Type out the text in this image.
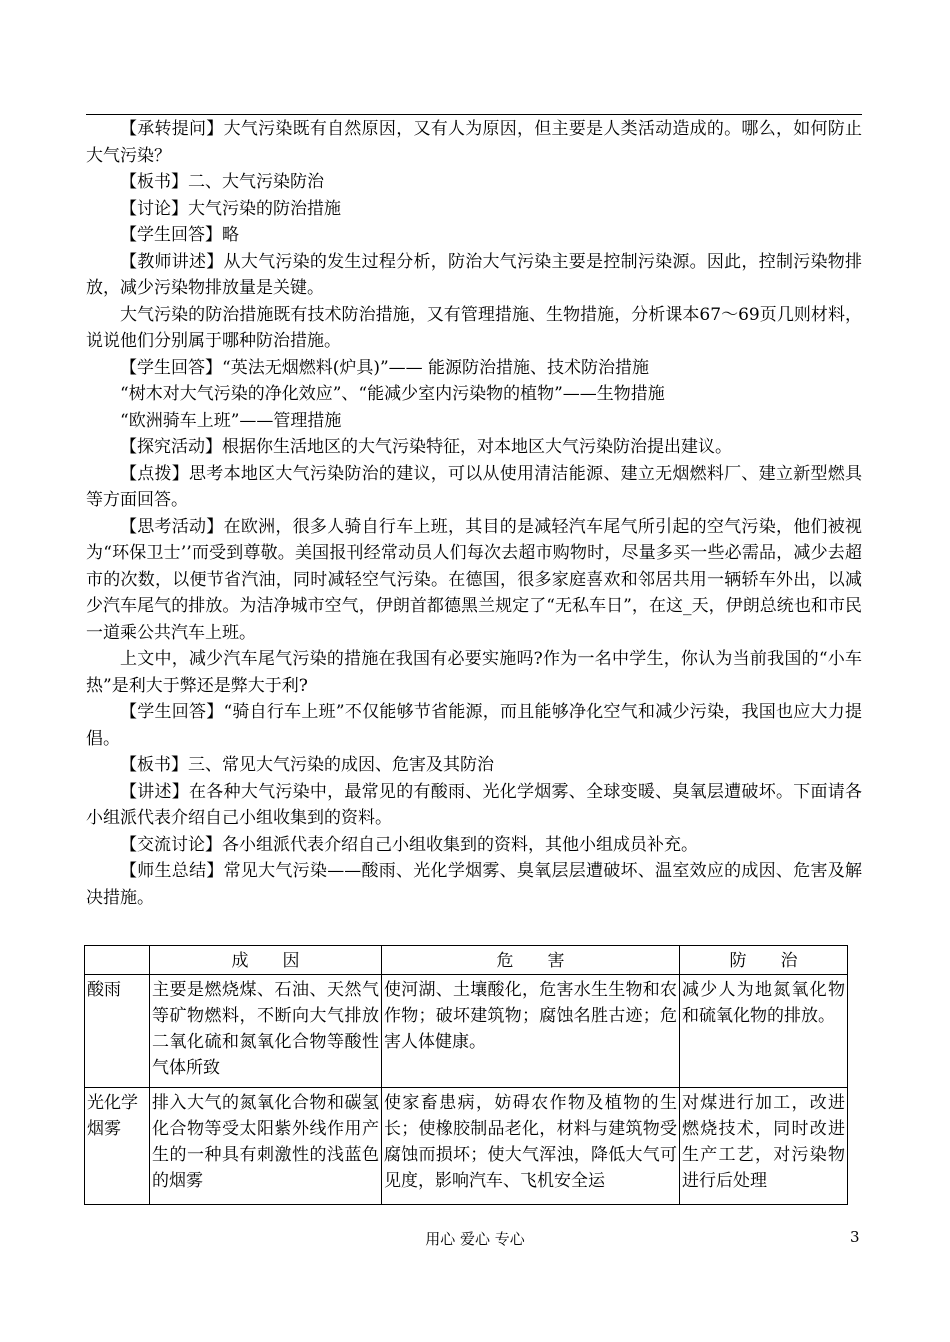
【承转提问】大气污染既有自然原因，又有人为原因，但主要是人类活动造成的。哪么，如何防止大气污染？

【板书】二、大气污染防治

【讨论】大气污染的防治措施

【学生回答】略

【教师讲述】从大气污染的发生过程分析，防治大气污染主要是控制污染源。因此，控制污染物排放，减少污染物排放量是关键。

大气污染的防治措施既有技术防治措施，又有管理措施、生物措施，分析课本67～69页几则材料，说说他们分别属于哪种防治措施。

【学生回答】“英法无烟燃料(炉具)”—— 能源防治措施、技术防治措施

“树木对大气污染的净化效应”、“能减少室内污染物的植物”——生物措施

“欧洲骑车上班”——管理措施

【探究活动】根据你生活地区的大气污染特征，对本地区大气污染防治提出建议。

【点拨】思考本地区大气污染防治的建议，可以从使用清洁能源、建立无烟燃料厂、建立新型燃具等方面回答。

【思考活动】在欧洲，很多人骑自行车上班，其目的是减轻汽车尾气所引起的空气污染，他们被视为“环保卫士’’而受到尊敬。美国报刊经常动员人们每次去超市购物时，尽量多买一些必需品，减少去超市的次数，以便节省汽油，同时减轻空气污染。在德国，很多家庭喜欢和邻居共用一辆轿车外出，以减少汽车尾气的排放。为洁净城市空气，伊朗首都德黑兰规定了“无私车日”，在这_天，伊朗总统也和市民一道乘公共汽车上班。

上文中，减少汽车尾气污染的措施在我国有必要实施吗?作为一名中学生，你认为当前我国的“小车热”是利大于弊还是弊大于利?

【学生回答】“骑自行车上班”不仅能够节省能源，而且能够净化空气和减少污染，我国也应大力提倡。

【板书】三、常见大气污染的成因、危害及其防治

【讲述】在各种大气污染中，最常见的有酸雨、光化学烟雾、全球变暖、臭氧层遭破坏。下面请各小组派代表介绍自己小组收集到的资料。

【交流讨论】各小组派代表介绍自己小组收集到的资料，其他小组成员补充。

【师生总结】常见大气污染——酸雨、光化学烟雾、臭氧层层遭破坏、温室效应的成因、危害及解决措施。

	成　　因	危　　害	防　　治
酸雨	主要是燃烧煤、石油、天然气等矿物燃料，不断向大气排放二氧化硫和氮氧化合物等酸性气体所致	使河湖、土壤酸化，危害水生生物和农作物；破坏建筑物；腐蚀名胜古迹；危害人体健康。	减少人为地氮氧化物和硫氧化物的排放。

光化学烟雾	排入大气的氮氧化合物和碳氢化合物等受太阳紫外线作用产生的一种具有刺激性的浅蓝色的烟雾	使家畜患病，妨碍农作物及植物的生长；使橡胶制品老化，材料与建筑物受腐蚀而损坏；使大气浑浊，降低大气可见度，影响汽车、飞机安全运	对煤进行加工，改进燃烧技术，同时改进生产工艺，对污染物进行后处理
用心 爱心 专心	3
